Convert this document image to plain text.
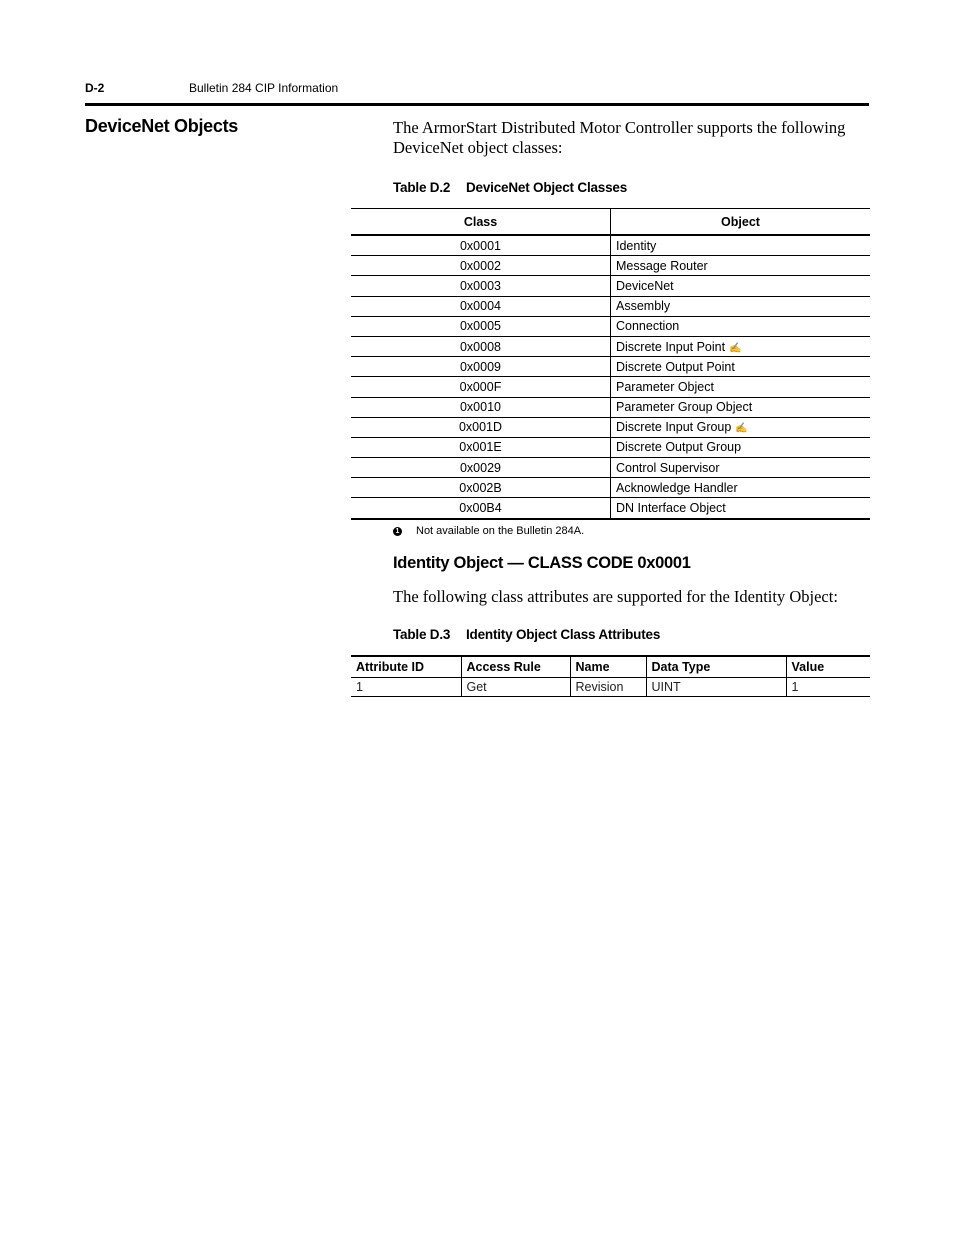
D-2	Bulletin 284 CIP Information
DeviceNet Objects	The ArmorStart Distributed Motor Controller supports the following DeviceNet object classes:

Table D.2 DeviceNet Object Classes
Class	Object
0x0001	Identity
0x0002	Message Router
0x0003	DeviceNet
0x0004	Assembly
0x0005	Connection
0x0008	Discrete Input Point ✍
0x0009	Discrete Output Point
0x000F	Parameter Object
0x0010	Parameter Group Object
0x001D	Discrete Input Group ✍
0x001E	Discrete Output Group
0x0029	Control Supervisor
0x002B	Acknowledge Handler
0x00B4	DN Interface Object
1 Not available on the Bulletin 284A.
Identity Object — CLASS CODE 0x0001

The following class attributes are supported for the Identity Object:

Table D.3 Identity Object Class Attributes
Attribute ID	Access Rule	Name	Data Type	Value
1	Get	Revision	UINT	1
